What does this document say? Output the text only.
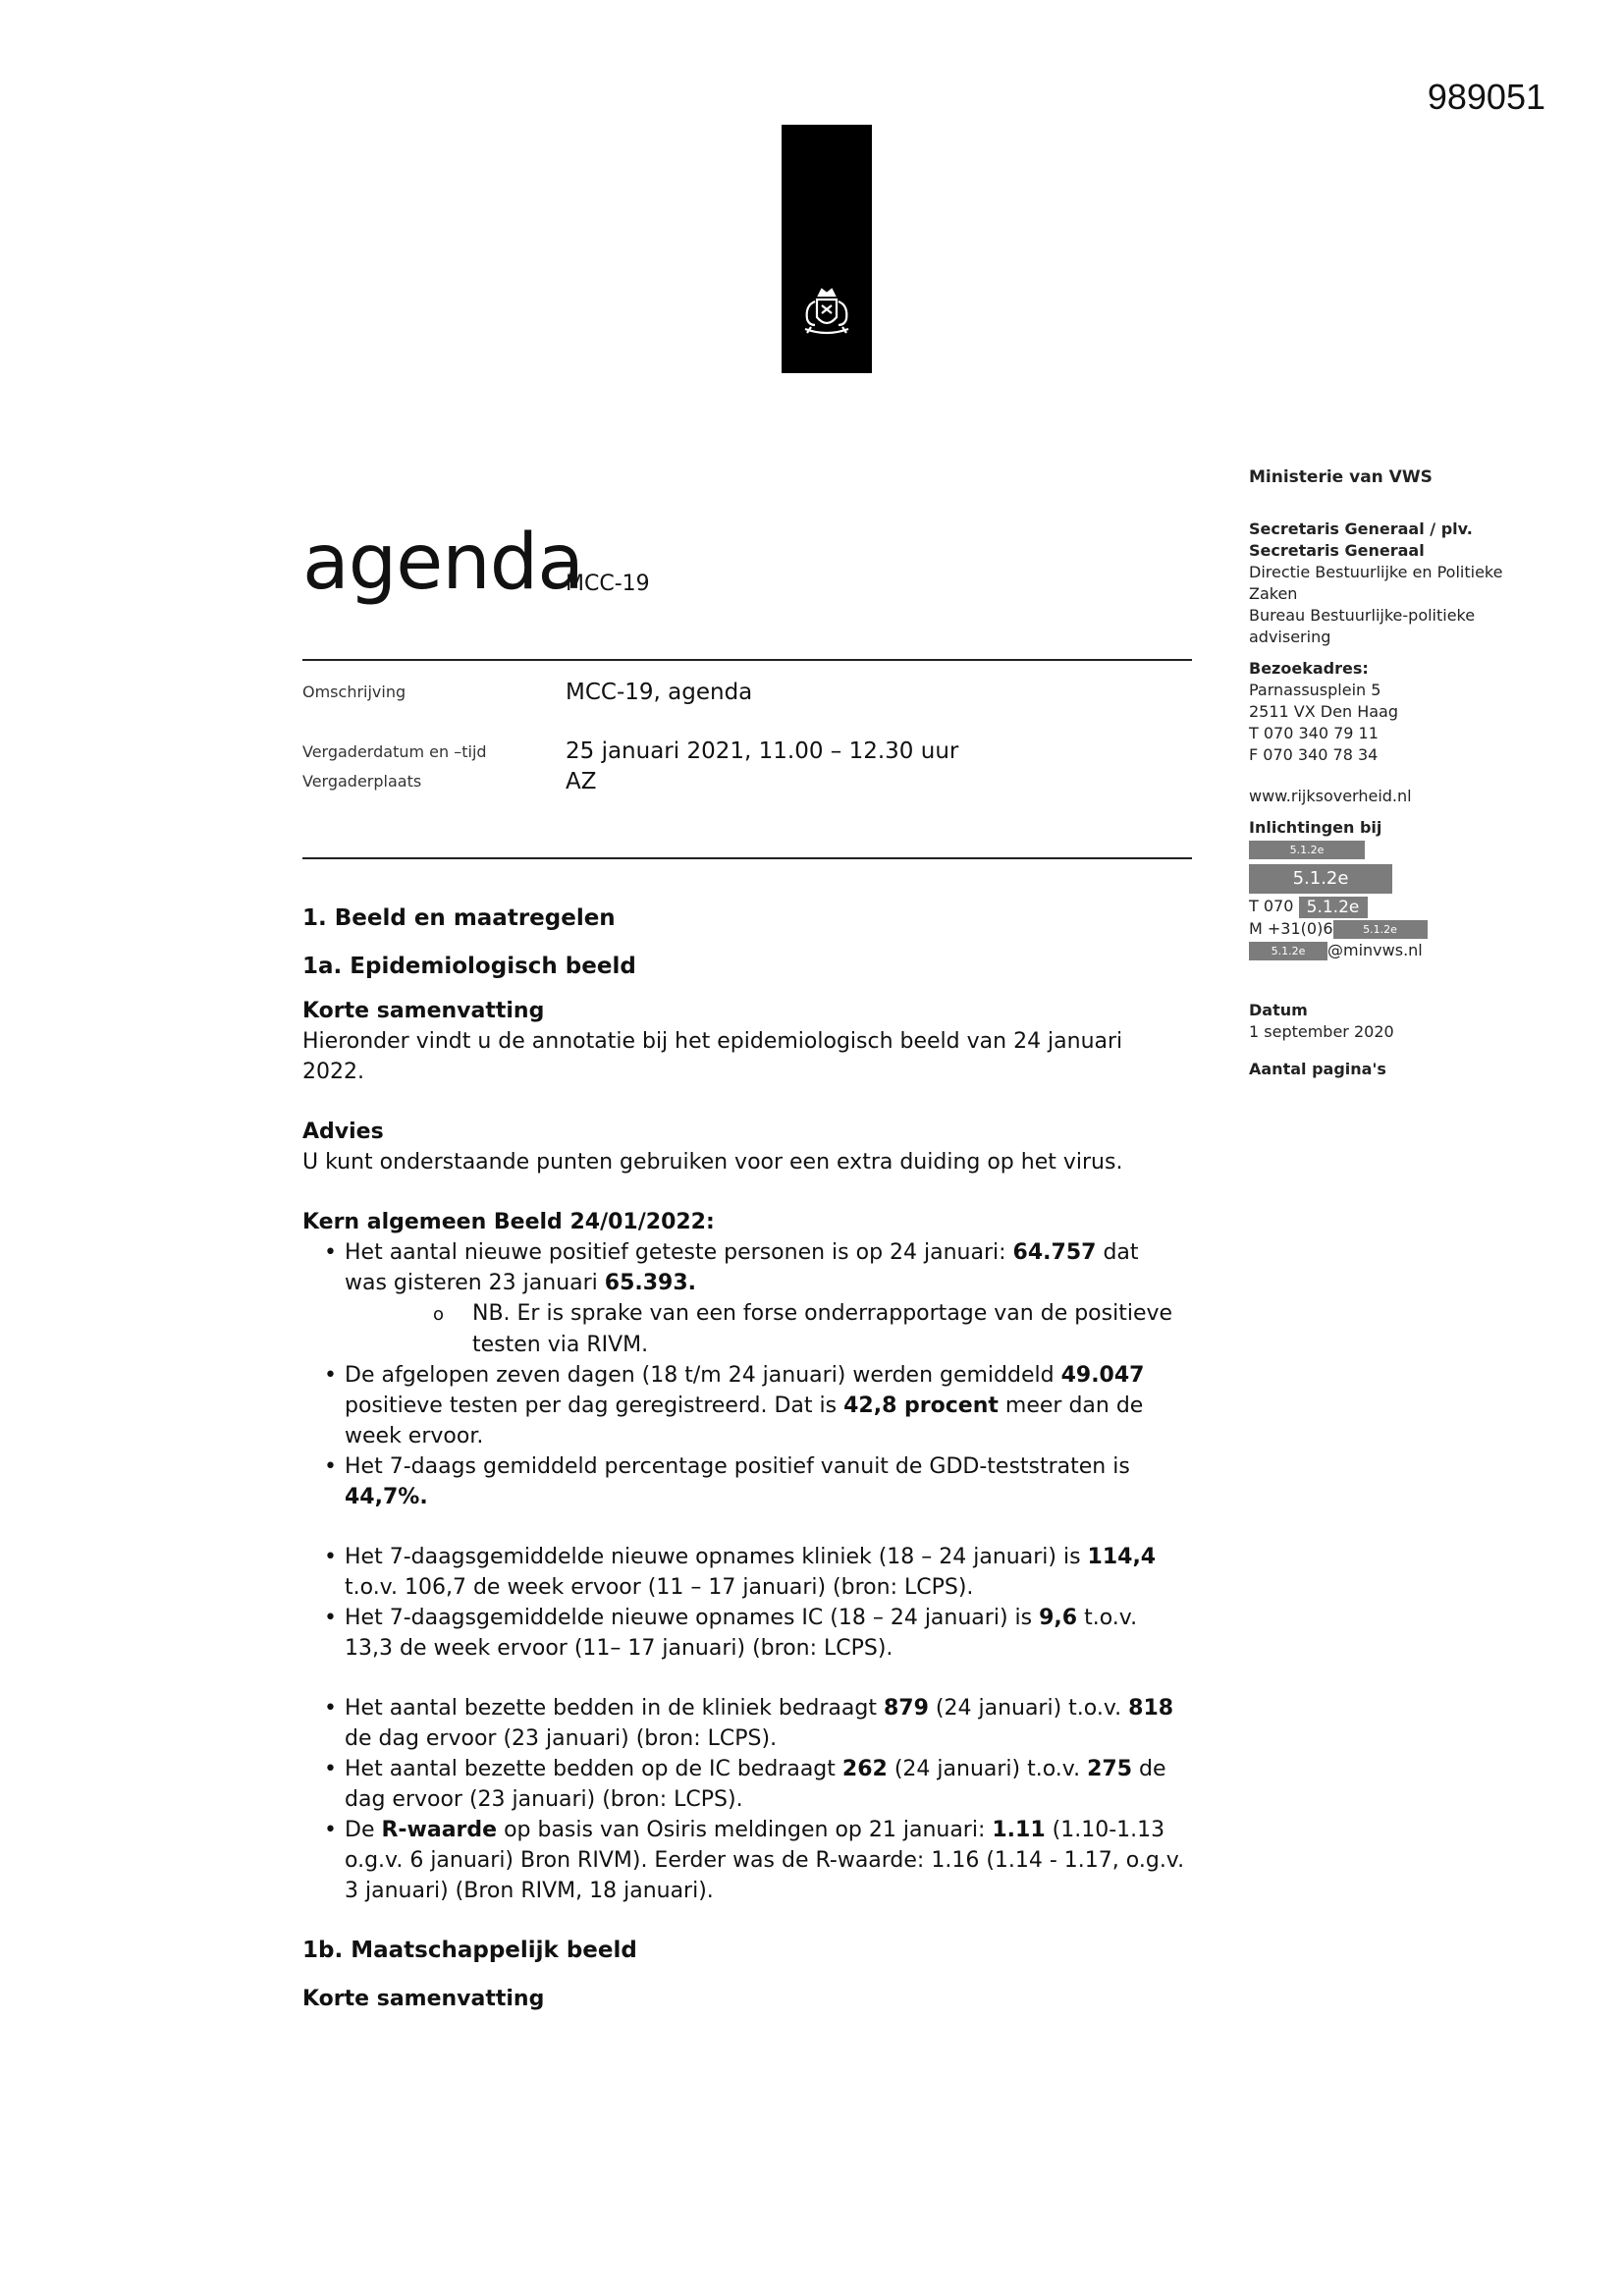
989051
agenda
MCC-19
Omschrijving	MCC-19, agenda
Vergaderdatum en –tijd	25 januari 2021, 11.00 – 12.30 uur
Vergaderplaats	AZ
1. Beeld en maatregelen
1a. Epidemiologisch beeld
Korte samenvatting

Hieronder vindt u de annotatie bij het epidemiologisch beeld van 24 januari 2022.

Advies

U kunt onderstaande punten gebruiken voor een extra duiding op het virus.

Kern algemeen Beeld 24/01/2022:
• Het aantal nieuwe positief geteste personen is op 24 januari: 64.757 dat was gisteren 23 januari 65.393.
o NB. Er is sprake van een forse onderrapportage van de positieve testen via RIVM.
• De afgelopen zeven dagen (18 t/m 24 januari) werden gemiddeld 49.047 positieve testen per dag geregistreerd. Dat is 42,8 procent meer dan de week ervoor.
• Het 7-daags gemiddeld percentage positief vanuit de GDD-teststraten is 44,7%.
• Het 7-daagsgemiddelde nieuwe opnames kliniek (18 – 24 januari) is 114,4 t.o.v. 106,7 de week ervoor (11 – 17 januari) (bron: LCPS).
• Het 7-daagsgemiddelde nieuwe opnames IC (18 – 24 januari) is 9,6 t.o.v. 13,3 de week ervoor (11– 17 januari) (bron: LCPS).
• Het aantal bezette bedden in de kliniek bedraagt 879 (24 januari) t.o.v. 818 de dag ervoor (23 januari) (bron: LCPS).
• Het aantal bezette bedden op de IC bedraagt 262 (24 januari) t.o.v. 275 de dag ervoor (23 januari) (bron: LCPS).
• De R-waarde op basis van Osiris meldingen op 21 januari: 1.11 (1.10-1.13 o.g.v. 6 januari) Bron RIVM). Eerder was de R-waarde: 1.16 (1.14 - 1.17, o.g.v. 3 januari) (Bron RIVM, 18 januari).
1b. Maatschappelijk beeld
Korte samenvatting
Ministerie van VWS
Secretaris Generaal / plv.
Secretaris Generaal
Directie Bestuurlijke en Politieke
Zaken
Bureau Bestuurlijke-politieke
advisering
Bezoekadres:
Parnassusplein 5
2511 VX Den Haag
T 070 340 79 11
F 070 340 78 34
www.rijksoverheid.nl
Inlichtingen bij
5.1.2e
5.1.2e
T 070 5.1.2e
M +31(0)6	5.1.2e
5.1.2e @minvws.nl
Datum
1 september 2020
Aantal pagina's
